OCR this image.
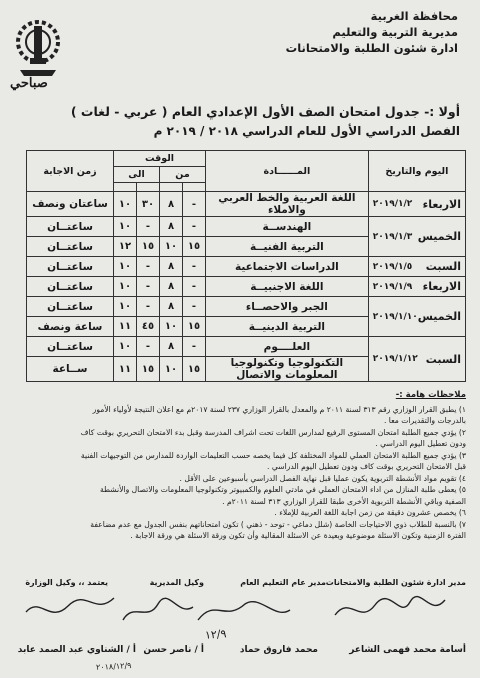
صباحي
محافظة الغربية
مديرية التربية والتعليم
ادارة شئون الطلبة والامتحانات
أولا :- جدول امتحان الصف الأول الإعدادي العام ( عربي - لغات )
الفصل الدراسي الأول للعام الدراسي ٢٠١٨ / ٢٠١٩ م
اليوم والتاريخ	المــــــادة	الوقت				زمن الاجابة
		من		الى		

الاربعاء
٢٠١٩/١/٢	اللغة العربية والخط العربي والاملاء	-	٨	٣٠	١٠	ساعتان ونصف

الخميس
٢٠١٩/١/٣	الهندســة	-	٨	-	١٠	ساعتــان
	التربية الفنيــة	١٥	١٠	١٥	١٢	ساعتــان

السبت
٢٠١٩/١/٥	الدراسات الاجتماعية	-	٨	-	١٠	ساعتــان

الاربعاء
٢٠١٩/١/٩	اللغة الاجنبيــة	-	٨	-	١٠	ساعتــان

الخميس
٢٠١٩/١/١٠	الجبر والاحصــاء	-	٨	-	١٠	ساعتــان
	التربية الدينيــة	١٥	١٠	٤٥	١١	ساعة ونصف

السبت
٢٠١٩/١/١٢	العلــــوم	-	٨	-	١٠	ساعتــان
	التكنولوجيا وتكنولوجيا المعلومات والاتصال	١٥	١٠	١٥	١١	ســاعة
ملاحظات هامة :-
١) يطبق القرار الوزاري رقم ٣١٣ لسنة ٢٠١١ م والمعدل بالقرار الوزاري ٢٣٧ لسنة ٢٠١٧م مع اعلان النتيجة لأولياء الأمور
بالدرجات والتقديرات معا .
٢) يؤدي جميع الطلبة امتحان المستوى الرفيع لمدارس اللغات تحت اشراف المدرسة وقبل بدء الامتحان التحريري بوقت كاف
ودون تعطيل اليوم الدراسي .
٣) يؤدي جميع الطلبة الامتحان العملي للمواد المختلفة كل فيما يخصه حسب التعليمات الواردة للمدارس من التوجيهات الفنية
قبل الامتحان التحريري بوقت كاف ودون تعطيل اليوم الدراسي .
٤) تقويم مواد الأنشطة التربوية يكون عمليا قبل نهاية الفصل الدراسي بأسبوعين على الأقل .
٥) يعطى طلبة المنازل من اداء الامتحان العملي في مادتي العلوم والكمبيوتر وتكنولوجيا المعلومات والاتصال والأنشطة
الصفية وباقي الأنشطة التربوية الأخرى طبقا للقرار الوزاري ٣١٣ لسنة ٢٠١١م .
٦) يخصص عشرون دقيقة من زمن اجابة اللغة العربية للإملاء .
٧) بالنسبة للطلاب ذوي الاحتياجات الخاصة (شلل دماغي - توحد - ذهني ) تكون امتحاناتهم بنفس الجدول مع عدم مضاعفة
الفترة الزمنية وتكون الاسئلة موضوعية وبعيدة عن الاسئلة المقالية وأن تكون ورقة الاسئلة هي ورقة الاجابة .
مدير ادارة شئون الطلبة والامتحانات
مدير عام التعليم العام
وكيل المديرية
يعتمد ،، وكيل الوزارة
١٢/٩
أسامة محمد فهمى الشاعر
محمد فاروق حماد
أ / ناصر حسن
أ / الشناوي عبد الصمد عابد
٢٠١٨/١٢/٩
